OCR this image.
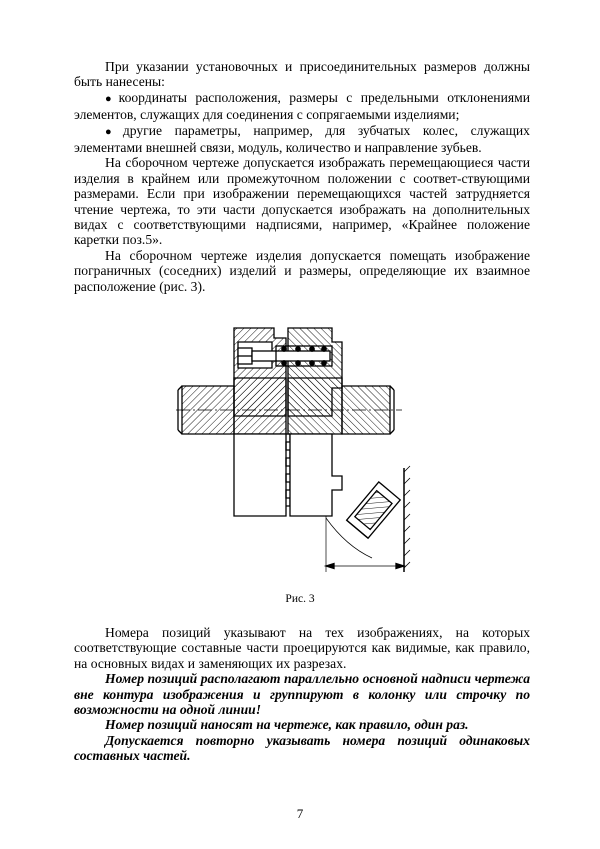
При указании установочных и присоединительных размеров должны быть нанесены:

● координаты расположения, размеры с предельными отклонениями элементов, служащих для соединения с сопрягаемыми изделиями;

● другие параметры, например, для зубчатых колес, служащих элементами внешней связи, модуль, количество и направление зубьев.

На сборочном чертеже допускается изображать перемещающиеся части изделия в крайнем или промежуточном положении с соответ-ствующими размерами. Если при изображении перемещающихся частей затрудняется чтение чертежа, то эти части допускается изображать на дополнительных видах с соответствующими надписями, например, «Крайнее положение каретки поз.5».

На сборочном чертеже изделия допускается помещать изображение пограничных (соседних) изделий и размеры, определяющие их взаимное расположение (рис. 3).

Рис. 3

Номера позиций указывают на тех изображениях, на которых соответствующие составные части проецируются как видимые, как правило, на основных видах и заменяющих их разрезах.

Номер позиций располагают параллельно основной надписи чертежа вне контура изображения и группируют в колонку или строчку по возможности на одной линии!

Номер позиций наносят на чертеже, как правило, один раз.

Допускается повторно указывать номера позиций одинаковых составных частей.

7
